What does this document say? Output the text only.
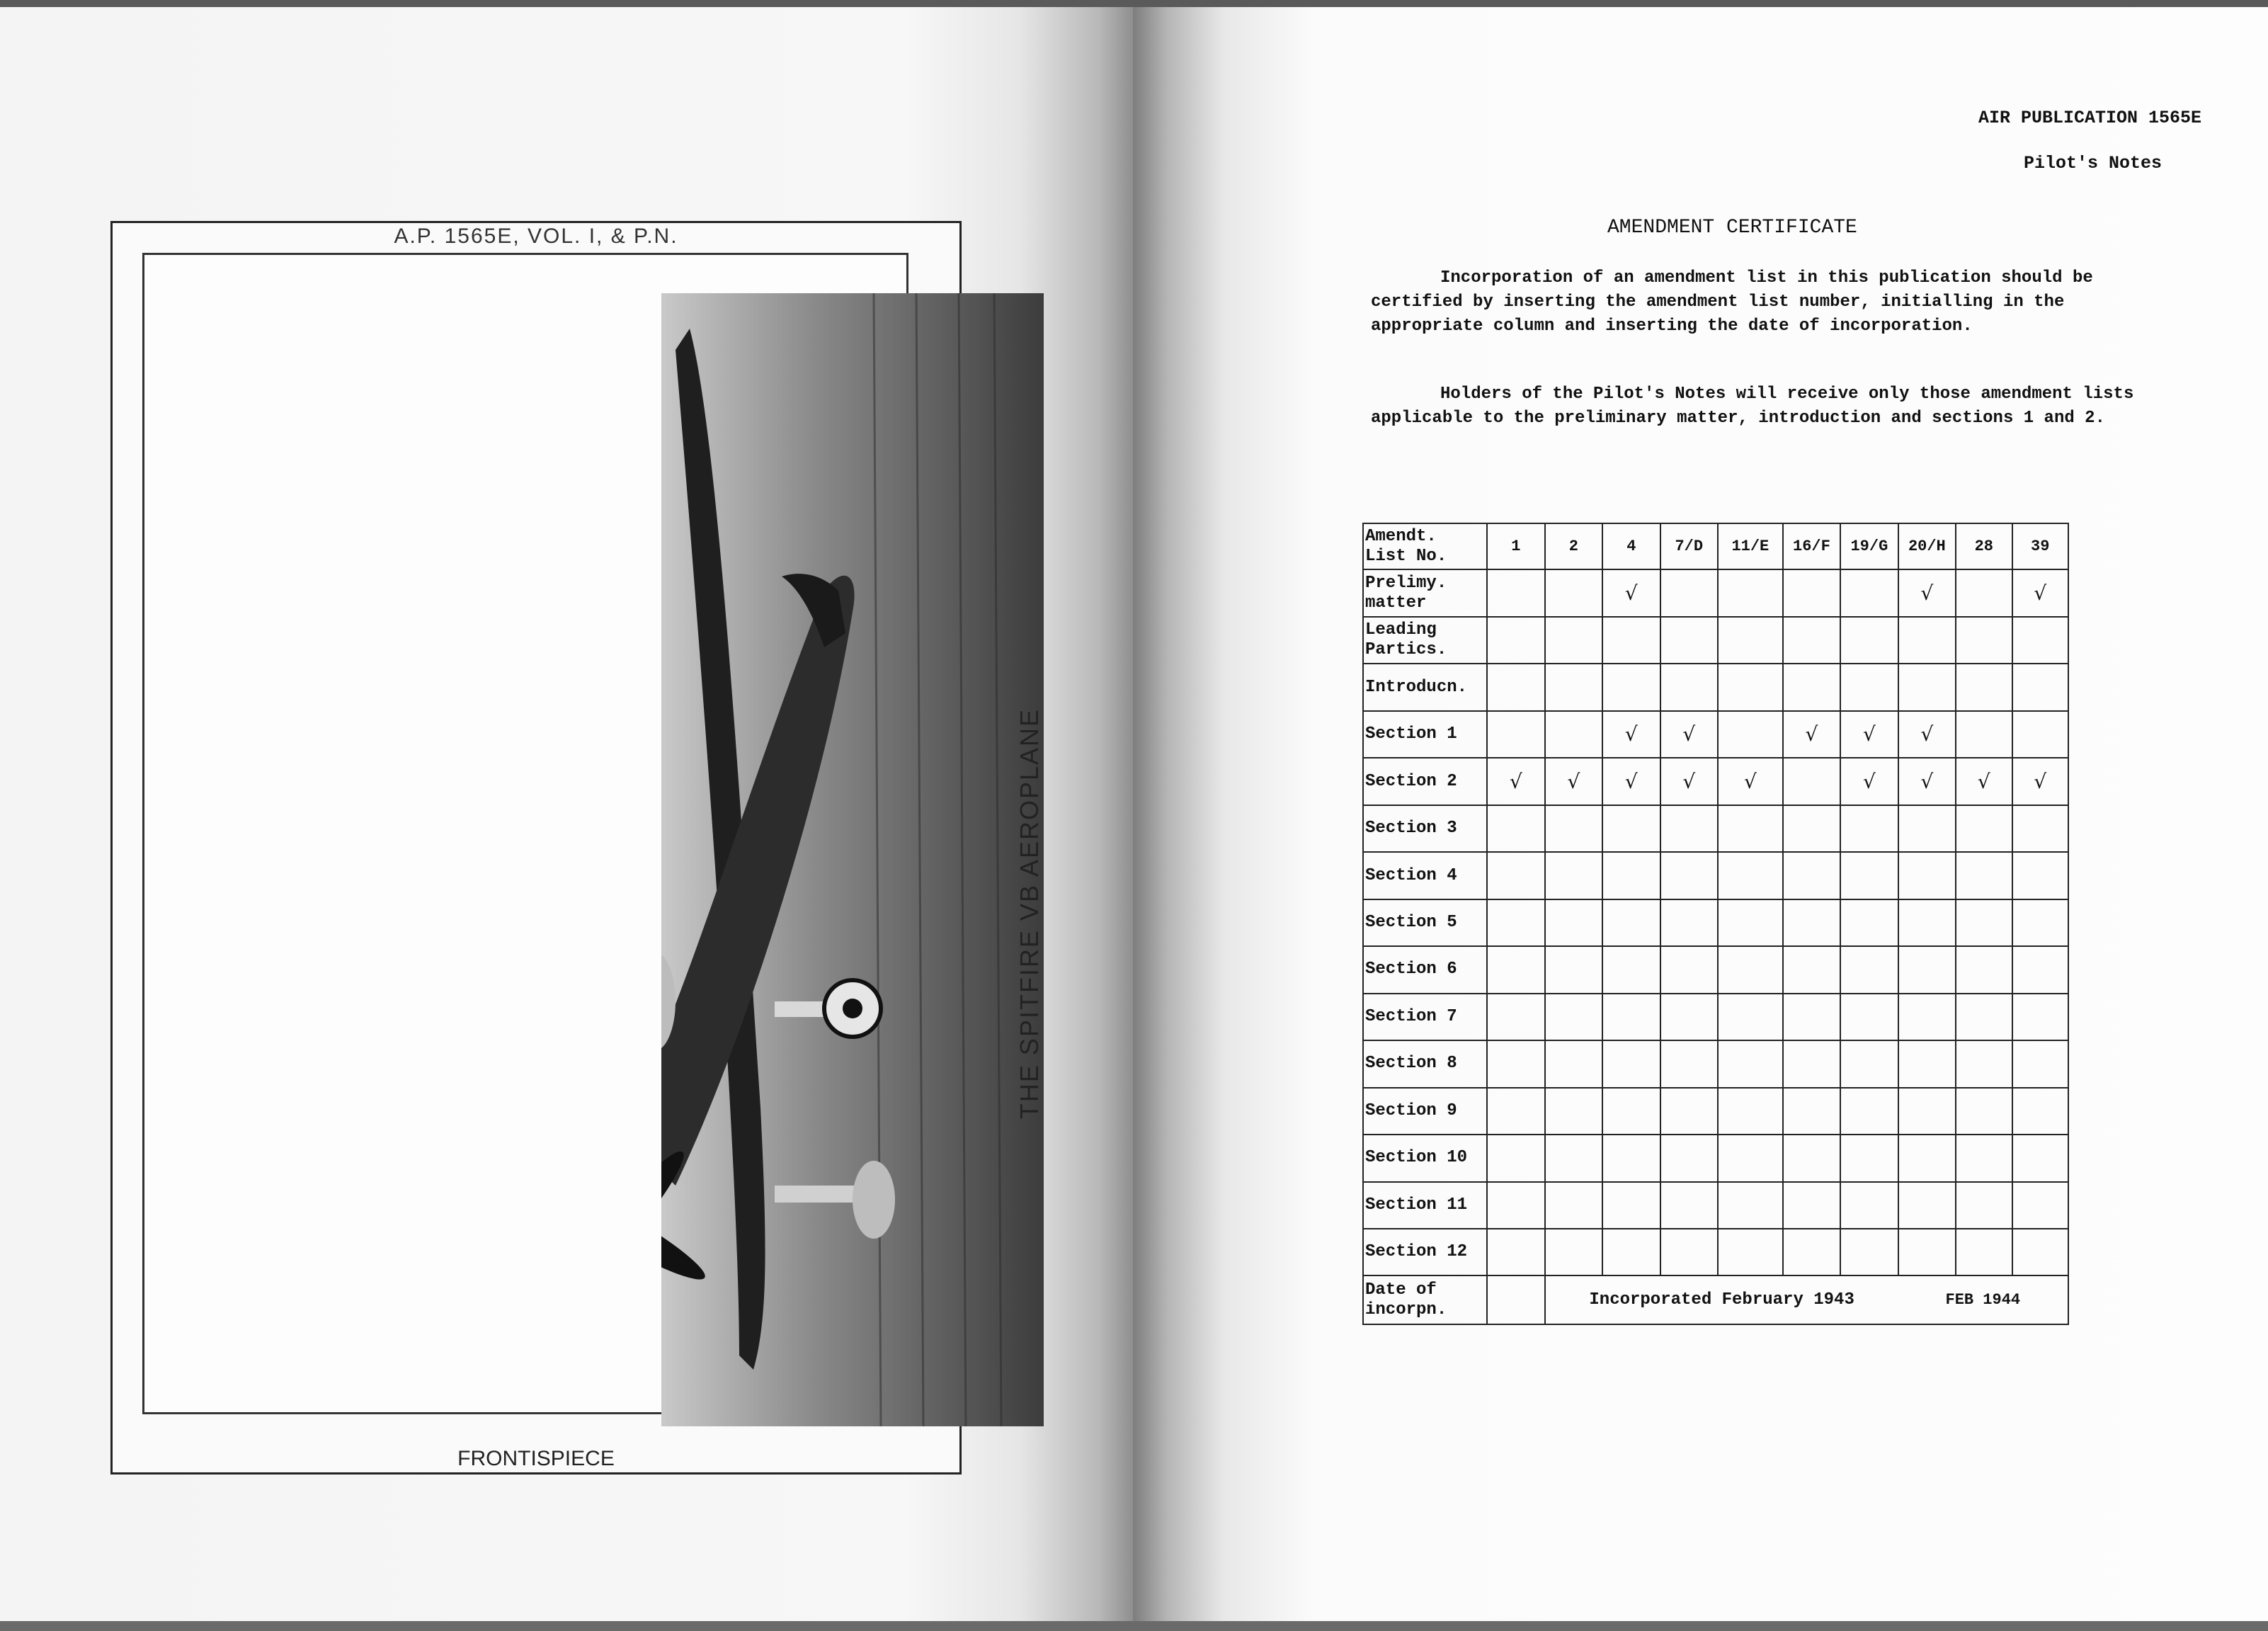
A.P. 1565E, VOL. I, & P.N.
THE SPITFIRE VB AEROPLANE
FRONTISPIECE
AIR PUBLICATION 1565E
Pilot's Notes
AMENDMENT CERTIFICATE

Incorporation of an amendment list in this publication should be certified by inserting the amendment list number, initialling in the appropriate column and inserting the date of incorporation.

Holders of the Pilot's Notes will receive only those amendment lists applicable to the preliminary matter, introduction and sections 1 and 2.

Amendt. List No.	1	2	4	7/D	11/E	16/F	19/G	20/H	28	39
Prelimy. matter			√					√		√
Leading Partics.										
Introducn.										
Section 1			√	√		√	√	√		
Section 2	√	√	√	√	√		√	√	√	√
Section 3										
Section 4										
Section 5										
Section 6										
Section 7										
Section 8										
Section 9										
Section 10										
Section 11										
Section 12										
Date of incorpn.		Incorporated February 1943						FEB 1944		
